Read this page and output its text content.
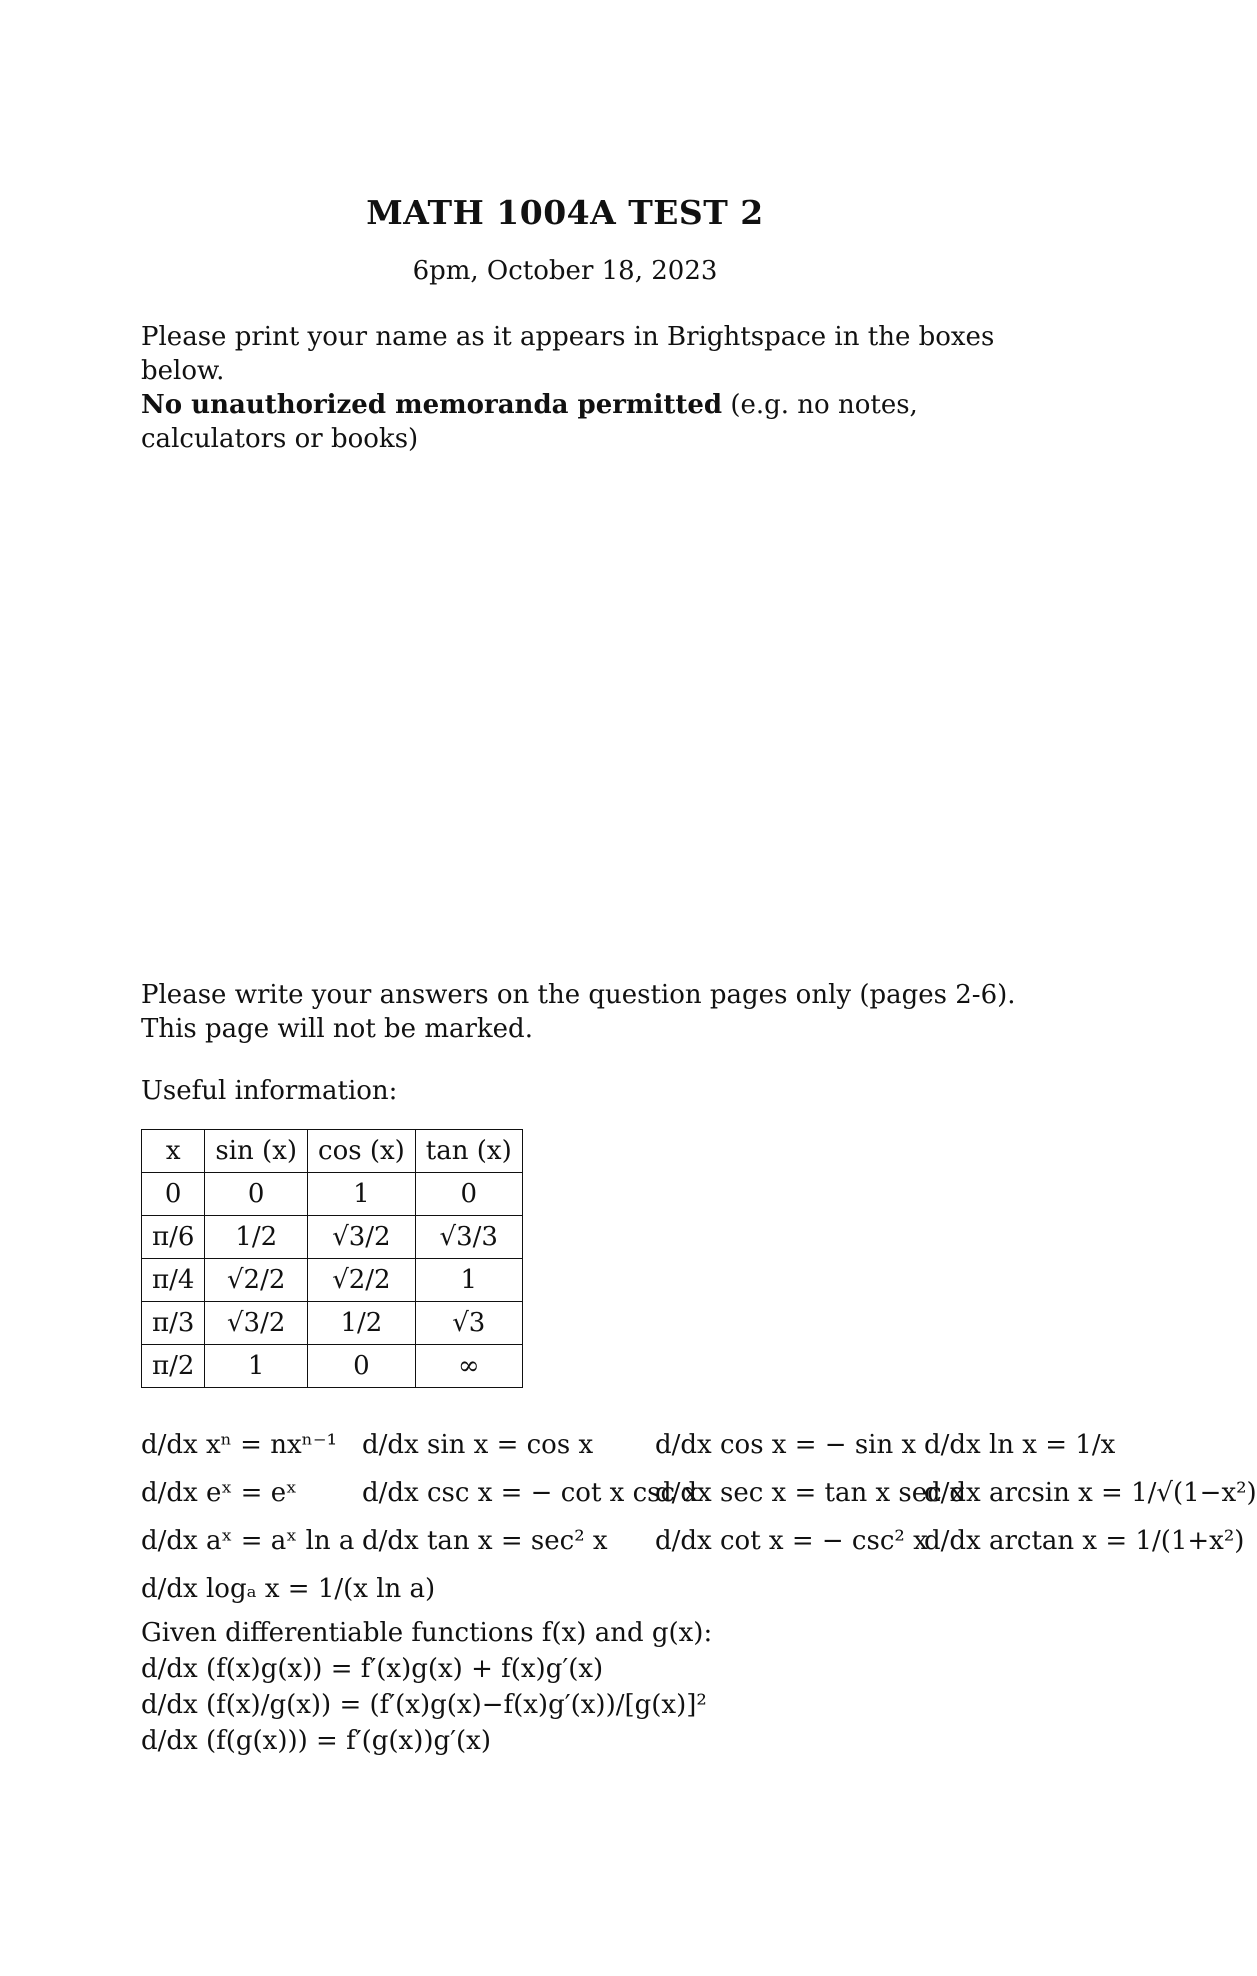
MATH 1004A TEST 2
6pm, October 18, 2023
Please print your name as it appears in Brightspace in the boxes below.
No unauthorized memoranda permitted (e.g. no notes, calculators or books)
Please write your answers on the question pages only (pages 2-6). This page will not be marked.
Useful information:
x	sin (x)	cos (x)	tan (x)
0	0	1	0
π/6	1/2	√3/2	√3/3
π/4	√2/2	√2/2	1
π/3	√3/2	1/2	√3
π/2	1	0	∞
d/dx xⁿ = nxⁿ⁻¹ d/dx sin x = cos x d/dx cos x = − sin x d/dx ln x = 1/x
d/dx eˣ = eˣ d/dx csc x = − cot x csc x
d/dx sec x = tan x sec x
d/dx arcsin x = 1/√(1−x²)
d/dx aˣ = aˣ ln a d/dx tan x = sec² x d/dx cot x = − csc² x
d/dx arctan x = 1/(1+x²)
d/dx logₐ x = 1/(x ln a)
Given differentiable functions f(x) and g(x):
d/dx (f(x)g(x)) = f′(x)g(x) + f(x)g′(x)
d/dx (f(x)/g(x)) = (f′(x)g(x)−f(x)g′(x))/[g(x)]²
d/dx (f(g(x))) = f′(g(x))g′(x)
